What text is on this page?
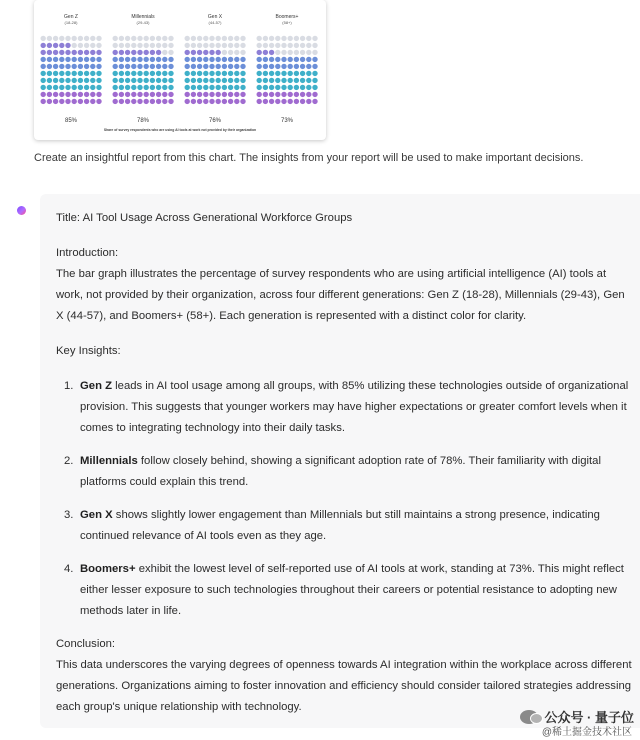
Gen Z
(18-28)
85%
Millennials
(29-43)
78%
Gen X
(44-57)
76%
Boomers+
(58+)
73%
Share of survey respondents who are using AI tools at work not provided by their organization
Create an insightful report from this chart. The insights from your report will be used to make important decisions.
Title: AI Tool Usage Across Generational Workforce Groups
Introduction:
The bar graph illustrates the percentage of survey respondents who are using artificial intelligence (AI) tools at work, not provided by their organization, across four different generations: Gen Z (18-28), Millennials (29-43), Gen X (44-57), and Boomers+ (58+). Each generation is represented with a distinct color for clarity.
Key Insights:
1. Gen Z leads in AI tool usage among all groups, with 85% utilizing these technologies outside of organizational provision. This suggests that younger workers may have higher expectations or greater comfort levels when it comes to integrating technology into their daily tasks.
2. Millennials follow closely behind, showing a significant adoption rate of 78%. Their familiarity with digital platforms could explain this trend.
3. Gen X shows slightly lower engagement than Millennials but still maintains a strong presence, indicating continued relevance of AI tools even as they age.
4. Boomers+ exhibit the lowest level of self-reported use of AI tools at work, standing at 73%. This might reflect either lesser exposure to such technologies throughout their careers or potential resistance to adopting new methods later in life.
Conclusion:
This data underscores the varying degrees of openness towards AI integration within the workplace across different generations. Organizations aiming to foster innovation and efficiency should consider tailored strategies addressing each group's unique relationship with technology.
公众号 · 量子位
@稀土掘金技术社区
